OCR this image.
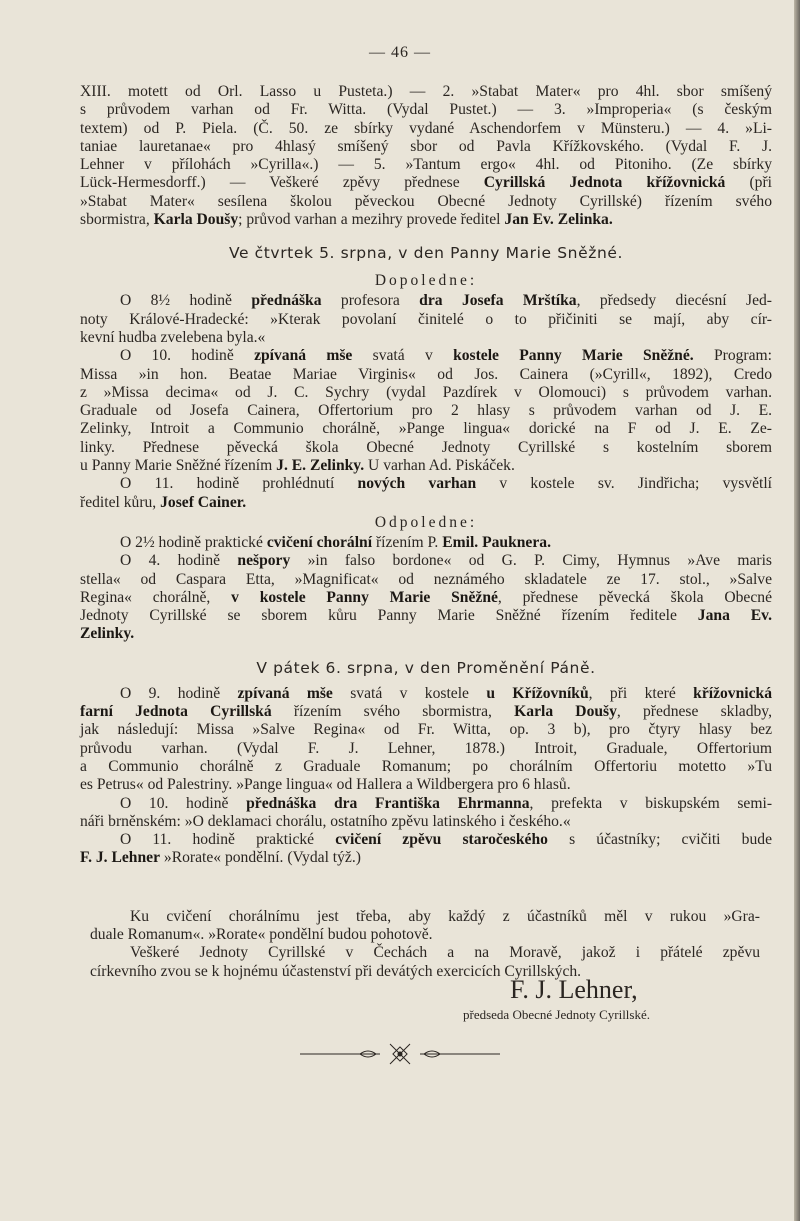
— 46 —
XIII. motett od Orl. Lasso u Pusteta.) — 2. »Stabat Mater« pro 4hl. sbor smíšený
s průvodem varhan od Fr. Witta. (Vydal Pustet.) — 3. »Improperia« (s českým
textem) od P. Piela. (Č. 50. ze sbírky vydané Aschendorfem v Münsteru.) — 4. »Li-
taniae lauretanae« pro 4hlasý smíšený sbor od Pavla Křížkovského. (Vydal F. J.
Lehner v přílohách »Cyrilla«.) — 5. »Tantum ergo« 4hl. od Pitoniho. (Ze sbírky
Lück-Hermesdorff.) — Veškeré zpěvy přednese Cyrillská Jednota křížovnická (při
»Stabat Mater« sesílena školou pěveckou Obecné Jednoty Cyrillské) řízením svého
sbormistra, Karla Doušy; průvod varhan a mezihry provede ředitel Jan Ev. Zelinka.
Ve čtvrtek 5. srpna, v den Panny Marie Sněžné.
Dopoledne:
O 8½ hodině přednáška profesora dra Josefa Mrštíka, předsedy diecésní Jed-
noty Králové-Hradecké: »Kterak povolaní činitelé o to přičiniti se mají, aby cír-
kevní hudba zvelebena byla.«
O 10. hodině zpívaná mše svatá v kostele Panny Marie Sněžné. Program:
Missa »in hon. Beatae Mariae Virginis« od Jos. Cainera (»Cyrill«, 1892), Credo
z »Missa decima« od J. C. Sychry (vydal Pazdírek v Olomouci) s průvodem varhan.
Graduale od Josefa Cainera, Offertorium pro 2 hlasy s průvodem varhan od J. E.
Zelinky, Introit a Communio chorálně, »Pange lingua« dorické na F od J. E. Ze-
linky. Přednese pěvecká škola Obecné Jednoty Cyrillské s kostelním sborem
u Panny Marie Sněžné řízením J. E. Zelinky. U varhan Ad. Piskáček.
O 11. hodině prohlédnutí nových varhan v kostele sv. Jindřicha; vysvětlí
ředitel kůru, Josef Cainer.
Odpoledne:
O 2½ hodině praktické cvičení chorální řízením P. Emil. Pauknera.
O 4. hodině nešpory »in falso bordone« od G. P. Cimy, Hymnus »Ave maris
stella« od Caspara Etta, »Magnificat« od neznámého skladatele ze 17. stol., »Salve
Regina« chorálně, v kostele Panny Marie Sněžné, přednese pěvecká škola Obecné
Jednoty Cyrillské se sborem kůru Panny Marie Sněžné řízením ředitele Jana Ev.
Zelinky.
V pátek 6. srpna, v den Proměnění Páně.
O 9. hodině zpívaná mše svatá v kostele u Křížovníků, při které křížovnická
farní Jednota Cyrillská řízením svého sbormistra, Karla Doušy, přednese skladby,
jak následují: Missa »Salve Regina« od Fr. Witta, op. 3 b), pro čtyry hlasy bez
průvodu varhan. (Vydal F. J. Lehner, 1878.) Introit, Graduale, Offertorium
a Communio chorálně z Graduale Romanum; po chorálním Offertoriu motetto »Tu
es Petrus« od Palestriny. »Pange lingua« od Hallera a Wildbergera pro 6 hlasů.
O 10. hodině přednáška dra Františka Ehrmanna, prefekta v biskupském semi-
náři brněnském: »O deklamaci chorálu, ostatního zpěvu latinského i českého.«
O 11. hodině praktické cvičení zpěvu staročeského s účastníky; cvičiti bude
F. J. Lehner »Rorate« pondělní. (Vydal týž.)
Ku cvičení chorálnímu jest třeba, aby každý z účastníků měl v rukou »Gra-
duale Romanum«. »Rorate« pondělní budou pohotově.
Veškeré Jednoty Cyrillské v Čechách a na Moravě, jakož i přátelé zpěvu
církevního zvou se k hojnému účastenství při devátých exercicích Cyrillských.
F. J. Lehner,
předseda Obecné Jednoty Cyrillské.
